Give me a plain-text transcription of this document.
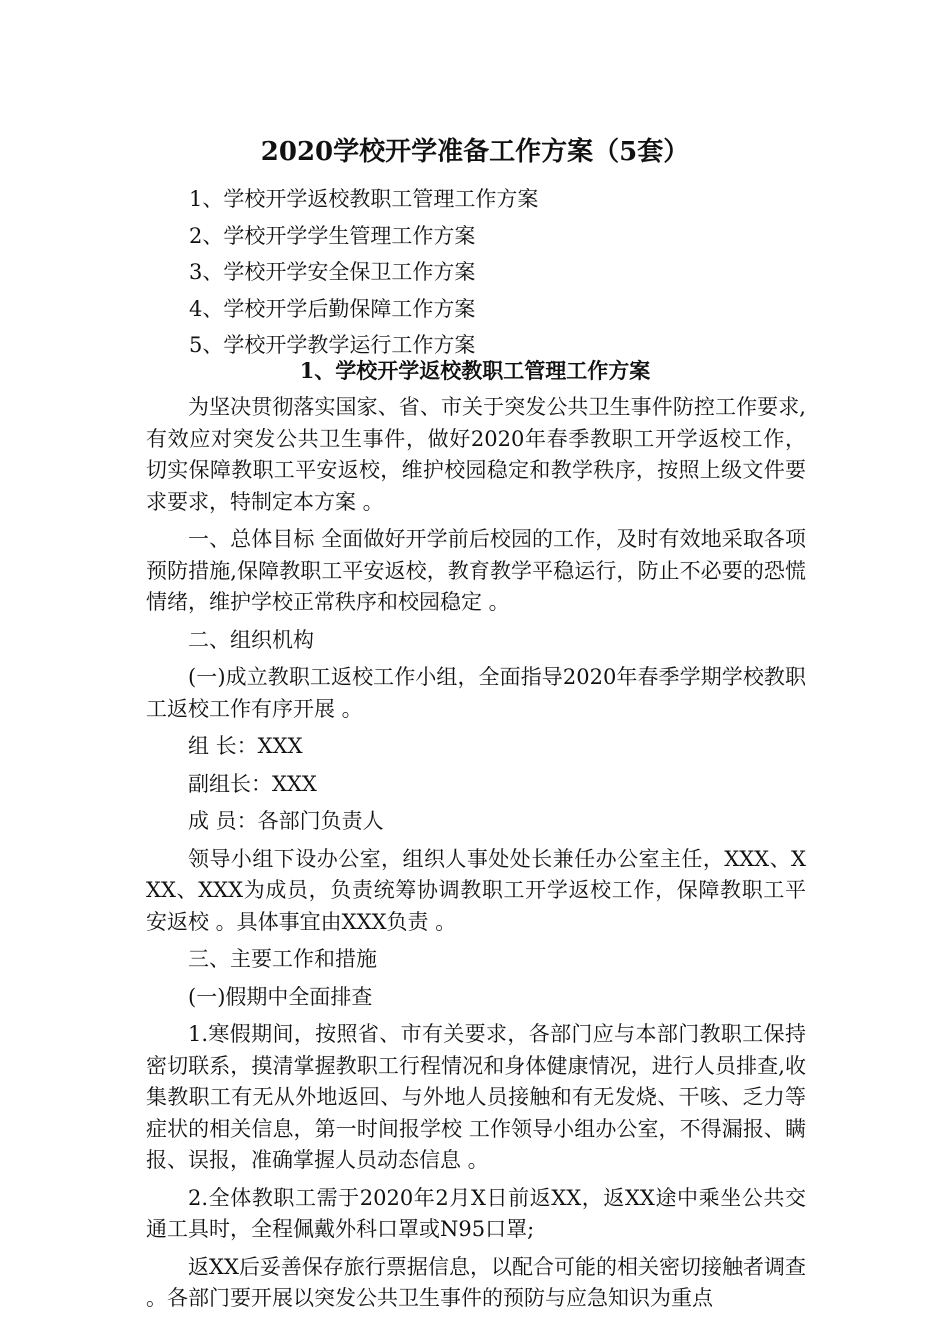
2020学校开学准备工作方案（5套）
1、学校开学返校教职工管理工作方案
2、学校开学学生管理工作方案
3、学校开学安全保卫工作方案
4、学校开学后勤保障工作方案
5、学校开学教学运行工作方案
1、学校开学返校教职工管理工作方案

为坚决贯彻落实国家、省、市关于突发公共卫生事件防控工作要求,有效应对突发公共卫生事件，做好2020年春季教职工开学返校工作，切实保障教职工平安返校，维护校园稳定和教学秩序，按照上级文件要求要求，特制定本方案 。

一、总体目标 全面做好开学前后校园的工作，及时有效地采取各项预防措施,保障教职工平安返校，教育教学平稳运行，防止不必要的恐慌情绪，维护学校正常秩序和校园稳定 。

二、组织机构

(一)成立教职工返校工作小组，全面指导2020年春季学期学校教职工返校工作有序开展 。

组 长：XXX

副组长：XXX

成 员：各部门负责人

领导小组下设办公室，组织人事处处长兼任办公室主任，XXX、XXX、XXX为成员，负责统筹协调教职工开学返校工作，保障教职工平安返校 。具体事宜由XXX负责 。

三、主要工作和措施

(一)假期中全面排查

1.寒假期间，按照省、市有关要求，各部门应与本部门教职工保持密切联系，摸清掌握教职工行程情况和身体健康情况，进行人员排查,收集教职工有无从外地返回、与外地人员接触和有无发烧、干咳、乏力等症状的相关信息，第一时间报学校 工作领导小组办公室，不得漏报、瞒报、误报，准确掌握人员动态信息 。

2.全体教职工需于2020年2月X日前返XX，返XX途中乘坐公共交通工具时，全程佩戴外科口罩或N95口罩;

返XX后妥善保存旅行票据信息，以配合可能的相关密切接触者调查 。各部门要开展以突发公共卫生事件的预防与应急知识为重点
